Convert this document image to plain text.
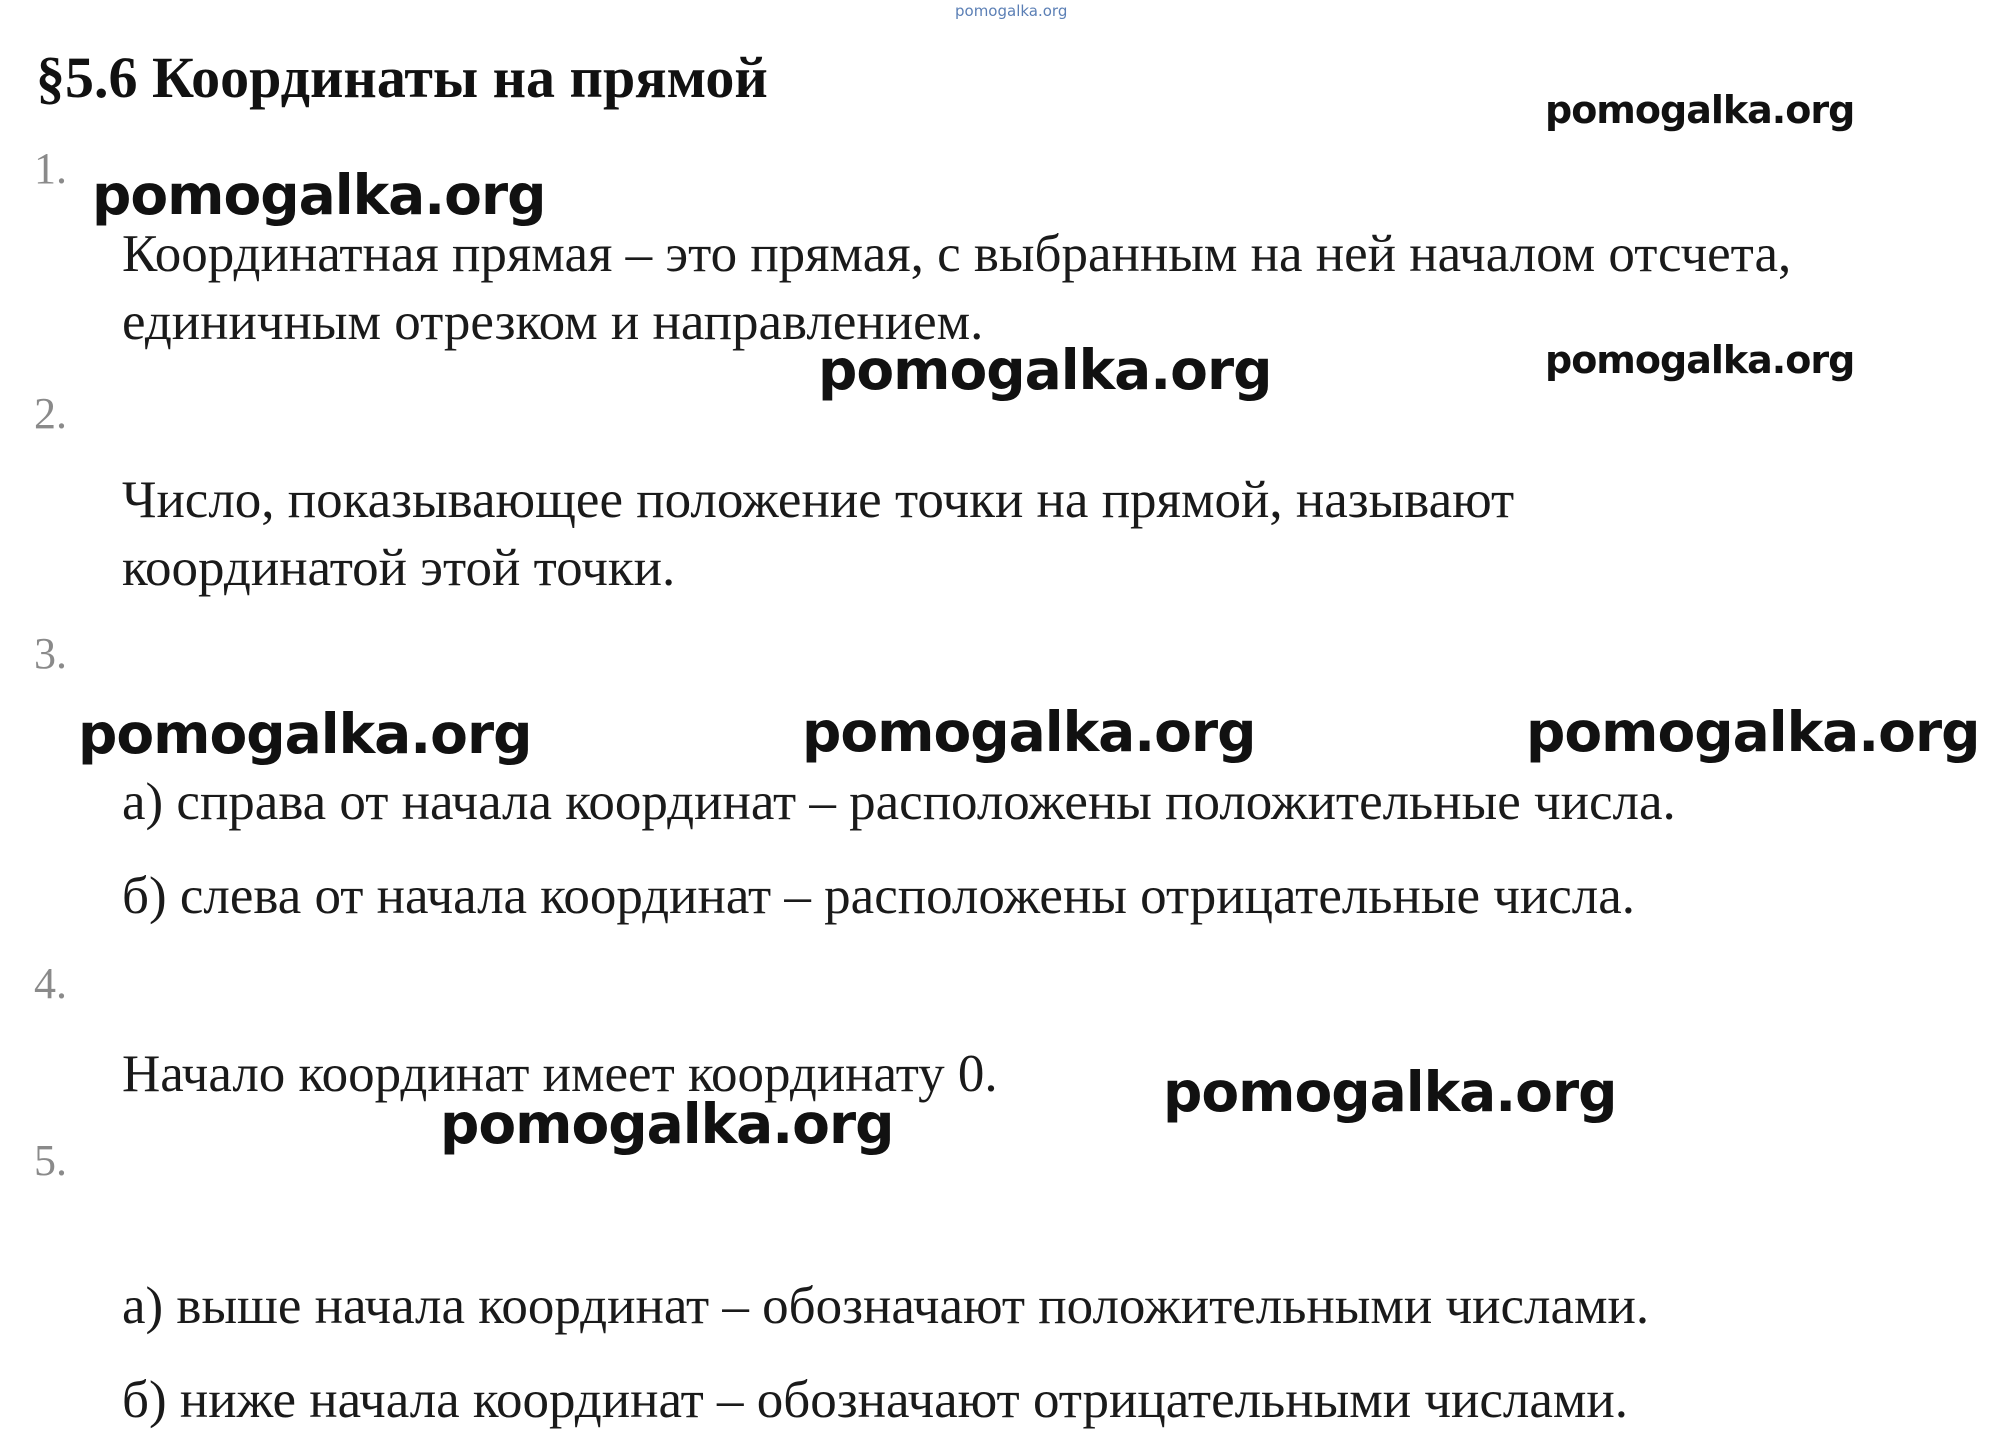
pomogalka.org
§5.6 Координаты на прямой
1.
Координатная прямая – это прямая, с выбранным на ней началом отсчета,
единичным отрезком и направлением.
2.
Число, показывающее положение точки на прямой, называют
координатой этой точки.
3.
а) справа от начала координат – расположены положительные числа.
б) слева от начала координат – расположены отрицательные числа.
4.
Начало координат имеет координату 0.
5.
а) выше начала координат – обозначают положительными числами.
б) ниже начала координат – обозначают отрицательными числами.
pomogalka.org
pomogalka.org
pomogalka.org	pomogalka.org
pomogalka.org	pomogalka.org	pomogalka.org
pomogalka.org
pomogalka.org
